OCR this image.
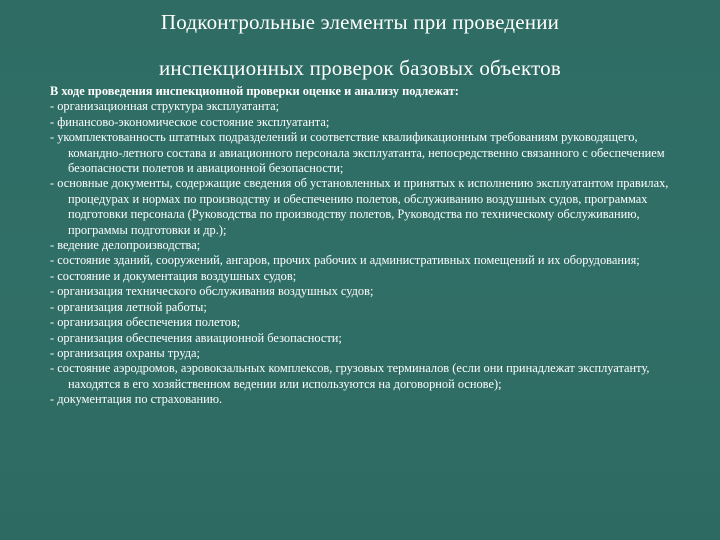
Подконтрольные элементы при проведении
инспекционных проверок базовых объектов

В ходе проведения инспекционной проверки оценке и анализу подлежат:

- организационная структура эксплуатанта;

- финансово-экономическое состояние эксплуатанта;

- укомплектованность штатных подразделений и соответствие квалификационным требованиям руководящего, командно-летного состава и авиационного персонала эксплуатанта, непосредственно связанного с обеспечением безопасности полетов и авиационной безопасности;

- основные документы, содержащие сведения об установленных и принятых к исполнению эксплуатантом правилах, процедурах и нормах по производству и обеспечению полетов, обслуживанию воздушных судов, программах подготовки персонала (Руководства по производству полетов, Руководства по техническому обслуживанию, программы подготовки и др.);

- ведение делопроизводства;

- состояние зданий, сооружений, ангаров, прочих рабочих и административных помещений и их оборудования;

- состояние и документация воздушных судов;

- организация технического обслуживания воздушных судов;

- организация летной работы;

- организация обеспечения полетов;

- организация обеспечения авиационной безопасности;

- организация охраны труда;

- состояние аэродромов, аэровокзальных комплексов, грузовых терминалов (если они принадлежат эксплуатанту, находятся в его хозяйственном ведении или используются на договорной основе);

- документация по страхованию.
